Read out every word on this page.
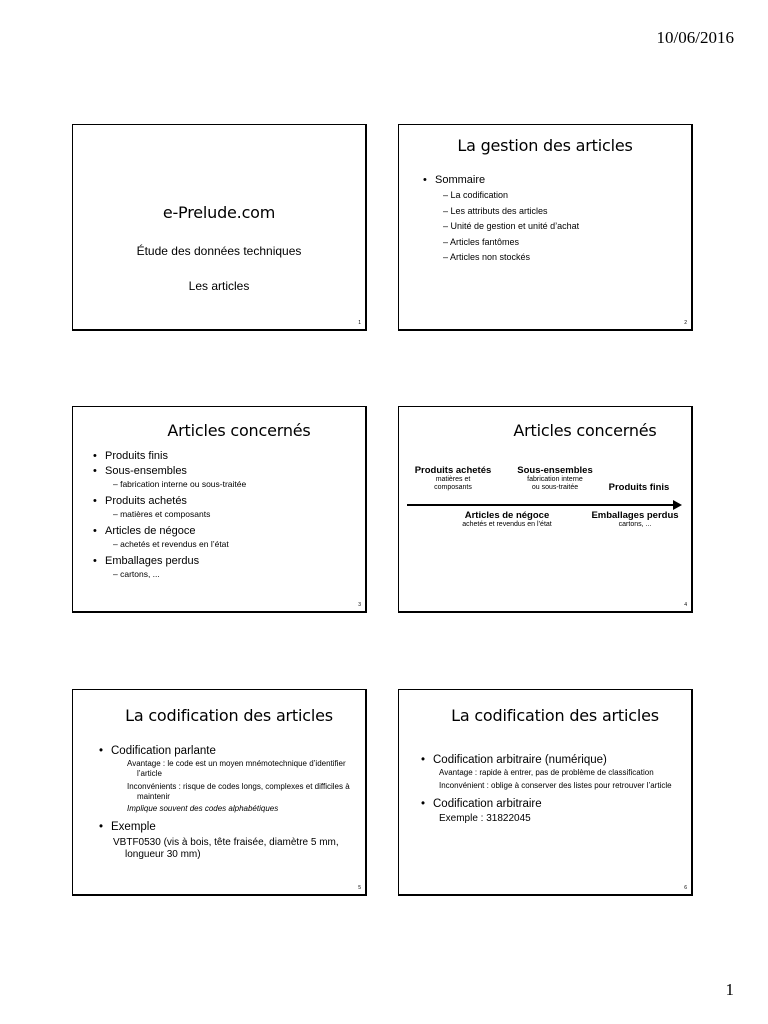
10/06/2016
e-Prelude.com
Étude des données techniques
Les articles
1
La gestion des articles
• Sommaire
– La codification
– Les attributs des articles
– Unité de gestion et unité d’achat
– Articles fantômes
– Articles non stockés
2
Articles concernés
• Produits finis
• Sous-ensembles
– fabrication interne ou sous-traitée
• Produits achetés
– matières et composants
• Articles de négoce
– achetés et revendus en l’état
• Emballages perdus
– cartons, ...
3
Articles concernés
Produits achetés
matières et
composants
Sous-ensembles
fabrication interne
ou sous-traitée	Produits finis
Articles de négoce
achetés et revendus en l’état
Emballages perdus
cartons, ...
4
La codification des articles
• Codification parlante
Avantage : le code est un moyen mnémotechnique d’identifier l’article
Inconvénients : risque de codes longs, complexes et difficiles à maintenir
Implique souvent des codes alphabétiques
• Exemple
VBTF0530 (vis à bois, tête fraisée, diamètre 5 mm, longueur 30 mm)
5
La codification des articles
• Codification arbitraire (numérique)
Avantage : rapide à entrer, pas de problème de classification
Inconvénient : oblige à conserver des listes pour retrouver l’article
• Codification arbitraire
Exemple : 31822045
6
1
